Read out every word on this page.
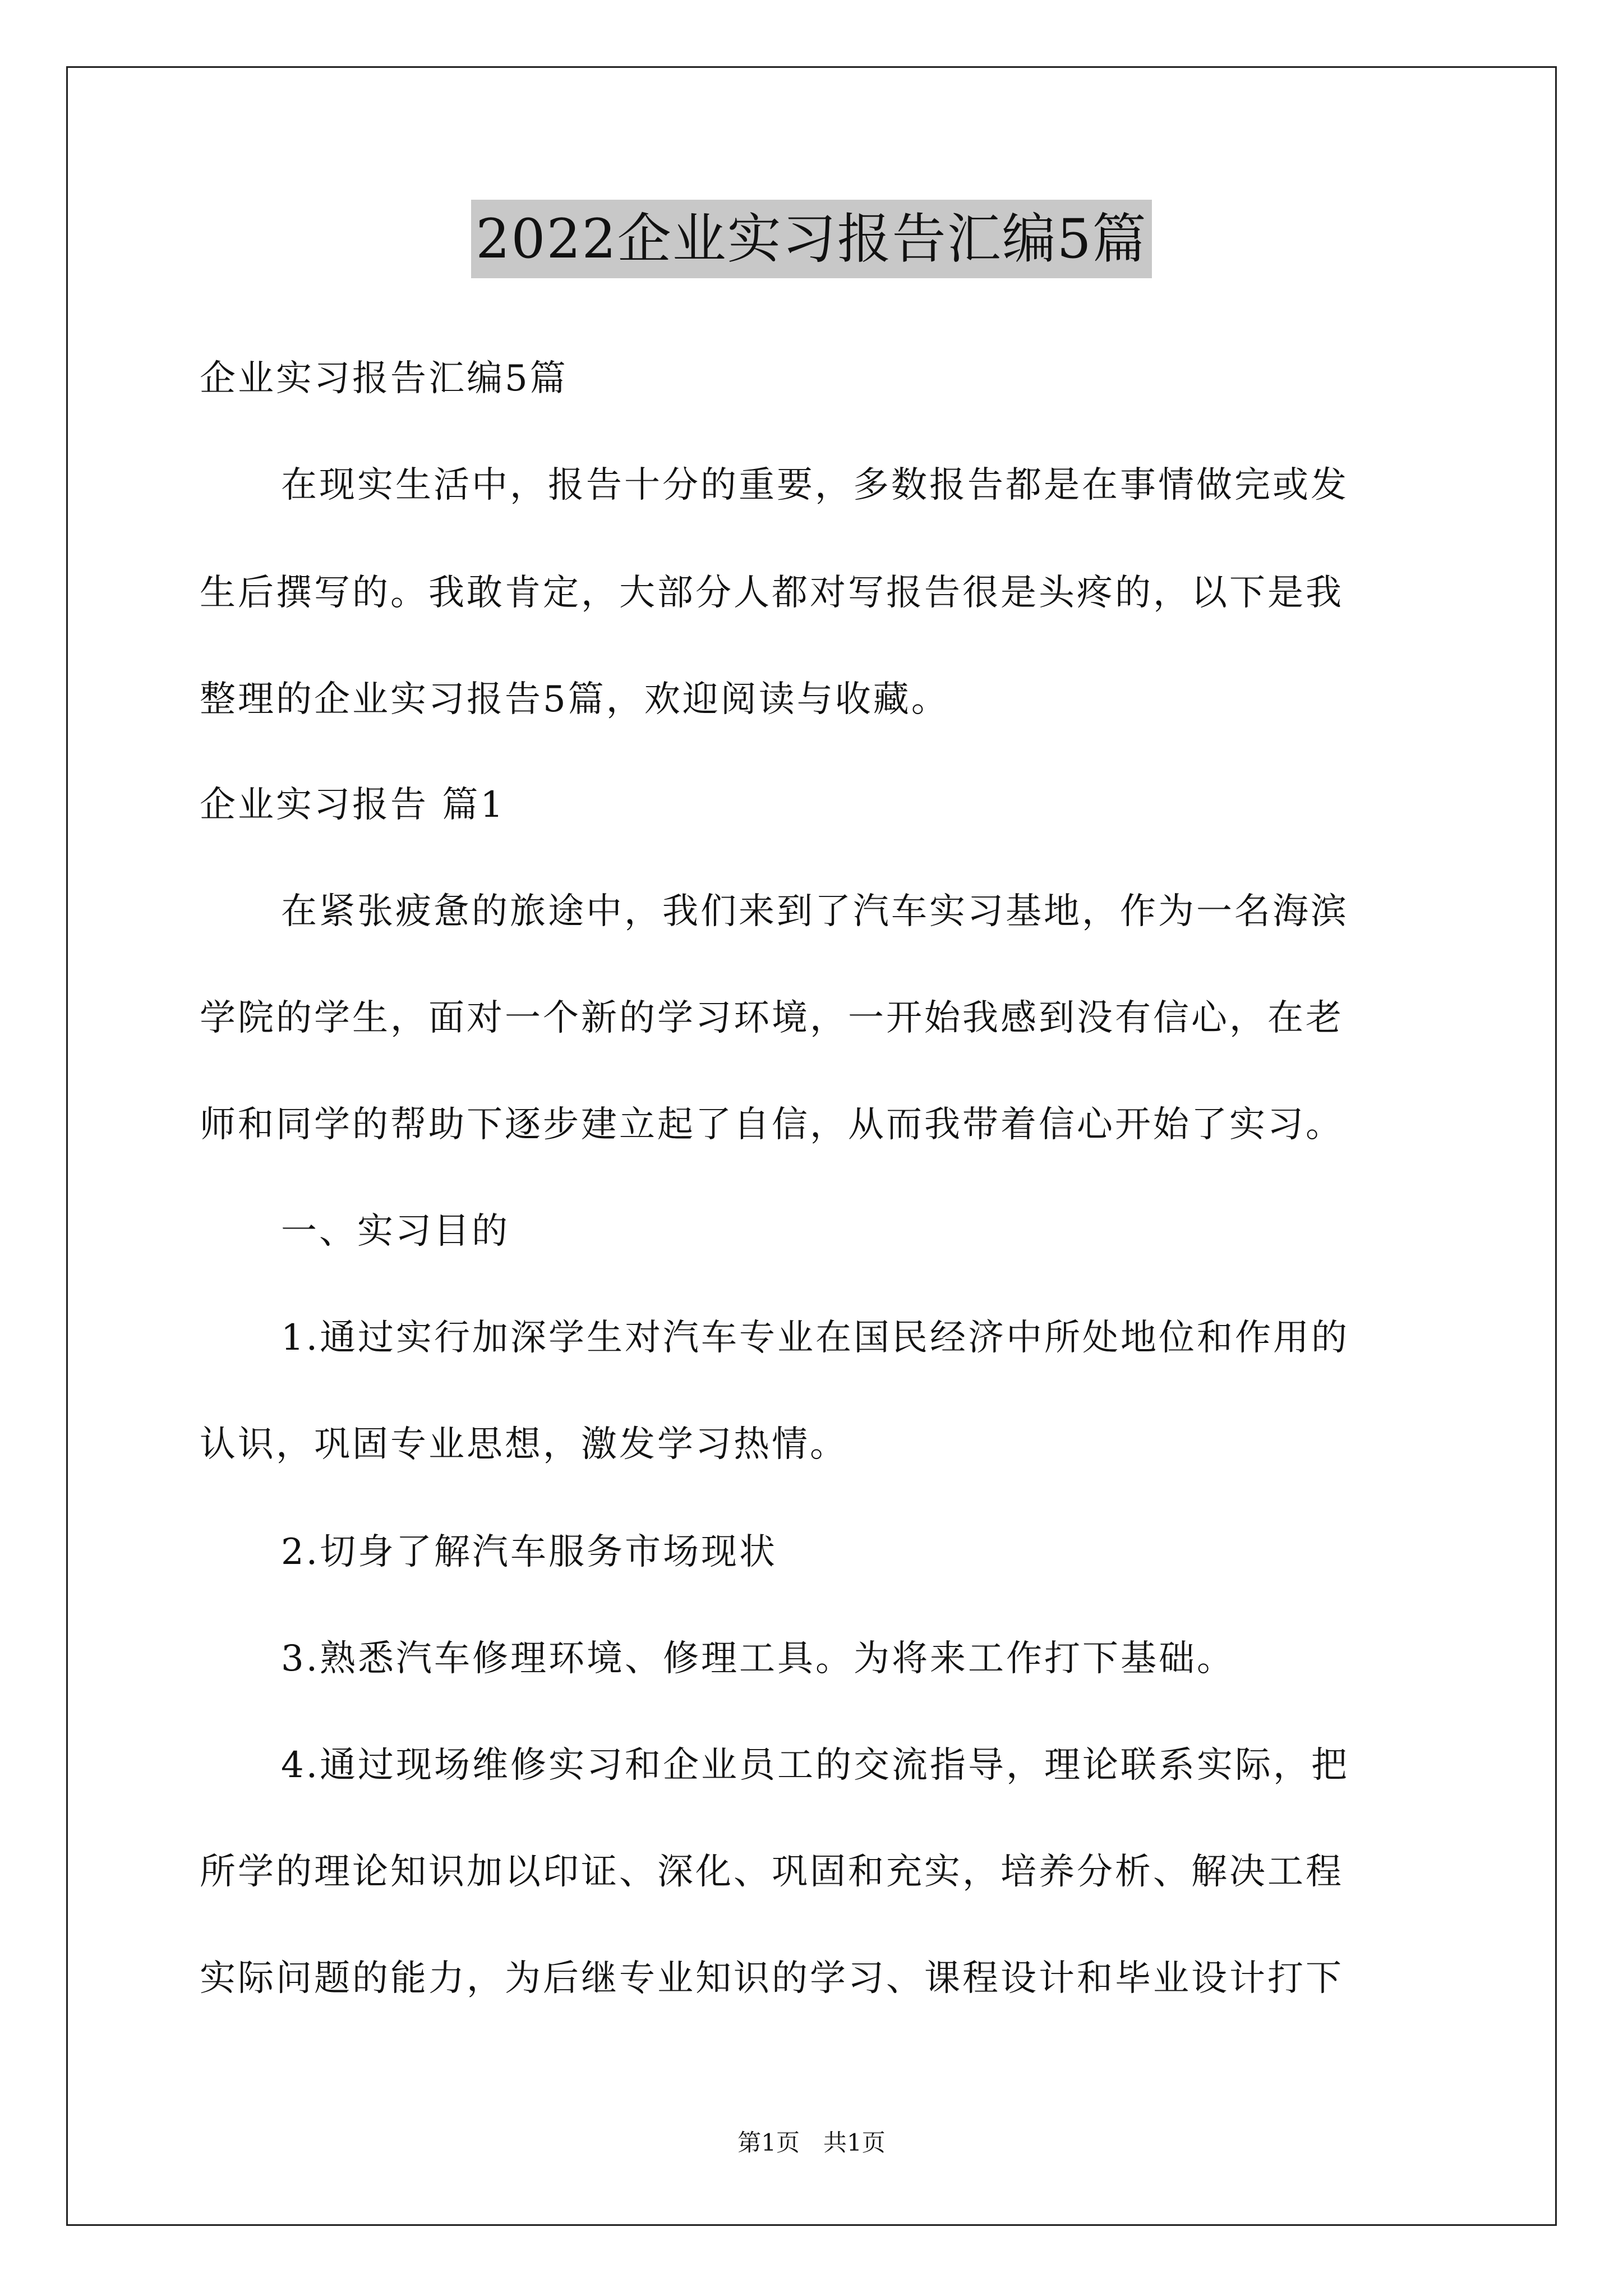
2022企业实习报告汇编5篇
企业实习报告汇编5篇
在现实生活中，报告十分的重要，多数报告都是在事情做完或发
生后撰写的。我敢肯定，大部分人都对写报告很是头疼的，以下是我
整理的企业实习报告5篇，欢迎阅读与收藏。
企业实习报告 篇1
在紧张疲惫的旅途中，我们来到了汽车实习基地，作为一名海滨
学院的学生，面对一个新的学习环境，一开始我感到没有信心，在老
师和同学的帮助下逐步建立起了自信，从而我带着信心开始了实习。
一、实习目的
1.通过实行加深学生对汽车专业在国民经济中所处地位和作用的
认识，巩固专业思想，激发学习热情。
2.切身了解汽车服务市场现状
3.熟悉汽车修理环境、修理工具。为将来工作打下基础。
4.通过现场维修实习和企业员工的交流指导，理论联系实际，把
所学的理论知识加以印证、深化、巩固和充实，培养分析、解决工程
实际问题的能力，为后继专业知识的学习、课程设计和毕业设计打下
第1页　共1页
